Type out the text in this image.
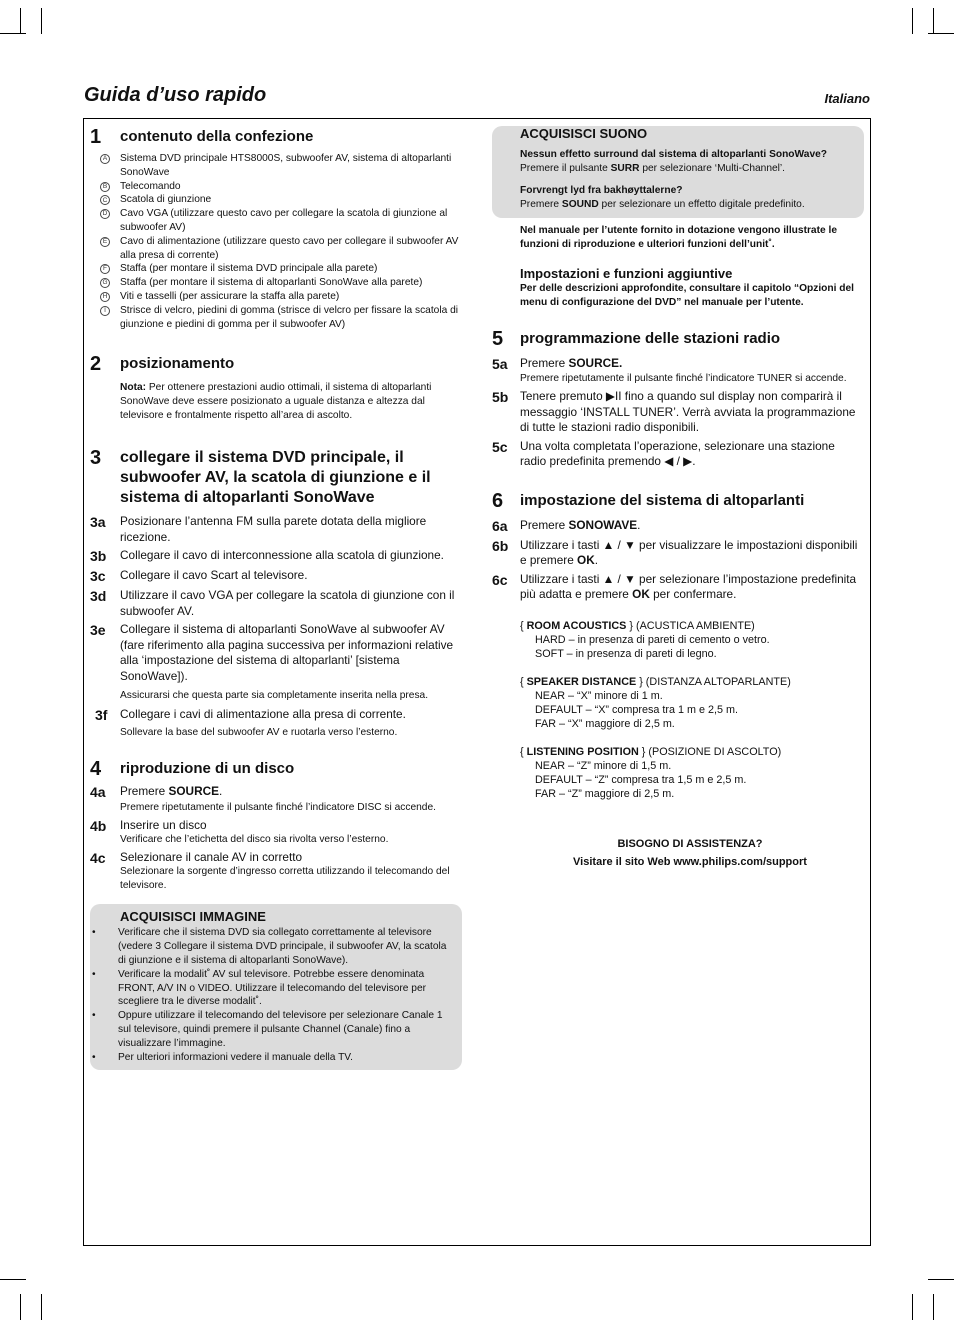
Guida d’uso rapido	Italiano
1	contenuto della confezione
A Sistema DVD principale HTS8000S, subwoofer AV, sistema di altoparlanti SonoWave
B Telecomando
C Scatola di giunzione
D Cavo VGA (utilizzare questo cavo per collegare la scatola di giunzione al subwoofer AV)
E Cavo di alimentazione (utilizzare questo cavo per collegare il subwoofer AV alla presa di corrente)
F Staffa (per montare il sistema DVD principale alla parete)
G Staffa (per montare il sistema di altoparlanti SonoWave alla parete)
H Viti e tasselli (per assicurare la staffa alla parete)
I	Strisce di velcro, piedini di gomma (strisce di velcro per fissare la scatola di giunzione e piedini di gomma per il subwoofer AV)
2	posizionamento
Nota: Per ottenere prestazioni audio ottimali, il sistema di altoparlanti SonoWave deve essere posizionato a uguale distanza e altezza dal televisore e frontalmente rispetto all’area di ascolto.
3	collegare il sistema DVD principale, il subwoofer AV, la scatola di giunzione e il sistema di altoparlanti SonoWave
3a	Posizionare l’antenna FM sulla parete dotata della migliore ricezione.
3b	Collegare il cavo di interconnessione alla scatola di giunzione.
3c	Collegare il cavo Scart al televisore.
3d	Utilizzare il cavo VGA per collegare la scatola di giunzione con il subwoofer AV.
3e	Collegare il sistema di altoparlanti SonoWave al subwoofer AV (fare riferimento alla pagina successiva per informazioni relative alla ‘impostazione del sistema di altoparlanti’ [sistema SonoWave]).
Assicurarsi che questa parte sia completamente inserita nella presa.
3f	Collegare i cavi di alimentazione alla presa di corrente.
Sollevare la base del subwoofer AV e ruotarla verso l’esterno.
4	riproduzione di un disco
4a	Premere SOURCE.
Premere ripetutamente il pulsante finché l’indicatore DISC si accende.
4b	Inserire un disco
Verificare che l’etichetta del disco sia rivolta verso l’esterno.
4c	Selezionare il canale AV in corretto
Selezionare la sorgente d’ingresso corretta utilizzando il telecomando del televisore.
ACQUISISCI IMMAGINE
•	Verificare che il sistema DVD sia collegato correttamente al televisore (vedere 3 Collegare il sistema DVD principale, il subwoofer AV, la scatola di giunzione e il sistema di altoparlanti SonoWave).
•	Verificare la modalit˚ AV sul televisore. Potrebbe essere denominata FRONT, A/V IN o VIDEO. Utilizzare il telecomando del televisore per scegliere tra le diverse modalit˚.
•	Oppure utilizzare il telecomando del televisore per selezionare Canale 1 sul televisore, quindi premere il pulsante Channel (Canale) fino a visualizzare l’immagine.
•	Per ulteriori informazioni vedere il manuale della TV.
ACQUISISCI SUONO
Nessun effetto surround dal sistema di altoparlanti SonoWave?
Premere il pulsante SURR per selezionare ‘Multi-Channel’.
Forvrengt lyd fra bakhøyttalerne?
Premere SOUND per selezionare un effetto digitale predefinito.
Nel manuale per l’utente fornito in dotazione vengono illustrate le funzioni di riproduzione e ulteriori funzioni dell’unit˚.
Impostazioni e funzioni aggiuntive
Per delle descrizioni approfondite, consultare il capitolo “Opzioni del menu di configurazione del DVD” nel manuale per l’utente.
5	programmazione delle stazioni radio
5a	Premere SOURCE.
Premere ripetutamente il pulsante finché l’indicatore TUNER si accende.
5b Tenere premuto ▶II fino a quando sul display non comparirà il messaggio ‘INSTALL TUNER’. Verrà avviata la programmazione di tutte le stazioni radio disponibili.
5c	Una volta completata l’operazione, selezionare una stazione radio predefinita premendo ◀ / ▶.
6	impostazione del sistema di altoparlanti
6a	Premere SONOWAVE.
6b Utilizzare i tasti ▲ / ▼ per visualizzare le impostazioni disponibili e premere OK.
6c	Utilizzare i tasti ▲ / ▼ per selezionare l’impostazione predefinita più adatta e premere OK per confermare.
{ ROOM ACOUSTICS } (ACUSTICA AMBIENTE)
HARD – in presenza di pareti di cemento o vetro.
SOFT – in presenza di pareti di legno.
{ SPEAKER DISTANCE } (DISTANZA ALTOPARLANTE)
NEAR – “X” minore di 1 m.
DEFAULT – “X” compresa tra 1 m e 2,5 m.
FAR – “X” maggiore di 2,5 m.
{ LISTENING POSITION } (POSIZIONE DI ASCOLTO)
NEAR – “Z” minore di 1,5 m.
DEFAULT – “Z” compresa tra 1,5 m e 2,5 m.
FAR – “Z” maggiore di 2,5 m.
BISOGNO DI ASSISTENZA?
Visitare il sito Web www.philips.com/support
